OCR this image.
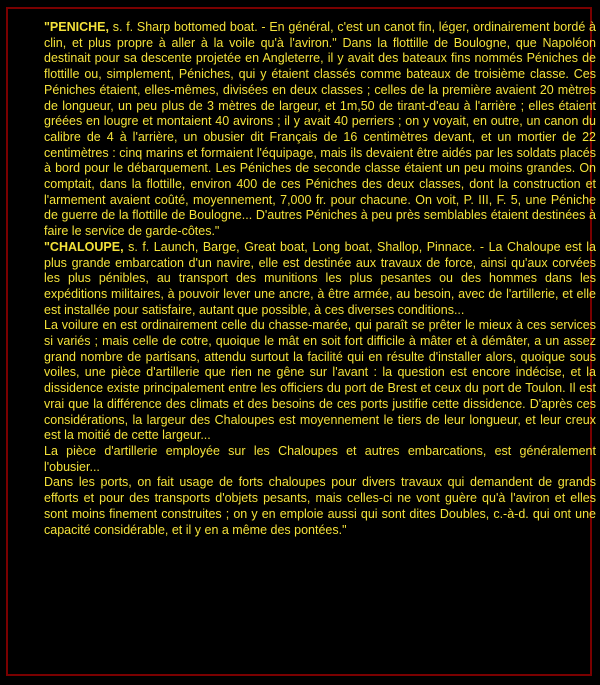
"PENICHE, s. f. Sharp bottomed boat. - En général, c'est un canot fin, léger, ordinairement bordé à clin, et plus propre à aller à la voile qu'à l'aviron." Dans la flottille de Boulogne, que Napoléon destinait pour sa descente projetée en Angleterre, il y avait des bateaux fins nommés Péniches de flottille ou, simplement, Péniches, qui y étaient classés comme bateaux de troisième classe. Ces Péniches étaient, elles-mêmes, divisées en deux classes ; celles de la première avaient 20 mètres de longueur, un peu plus de 3 mètres de largeur, et 1m,50 de tirant-d'eau à l'arrière ; elles étaient gréées en lougre et montaient 40 avirons ; il y avait 40 perriers ; on y voyait, en outre, un canon du calibre de 4 à l'arrière, un obusier dit Français de 16 centimètres devant, et un mortier de 22 centimètres : cinq marins et formaient l'équipage, mais ils devaient être aidés par les soldats placés à bord pour le débarquement. Les Péniches de seconde classe étaient un peu moins grandes. On comptait, dans la flottille, environ 400 de ces Péniches des deux classes, dont la construction et l'armement avaient coûté, moyennement, 7,000 fr. pour chacune. On voit, P. III, F. 5, une Péniche de guerre de la flottille de Boulogne... D'autres Péniches à peu près semblables étaient destinées à faire le service de garde-côtes."

"CHALOUPE, s. f. Launch, Barge, Great boat, Long boat, Shallop, Pinnace. - La Chaloupe est la plus grande embarcation d'un navire, elle est destinée aux travaux de force, ainsi qu'aux corvées les plus pénibles, au transport des munitions les plus pesantes ou des hommes dans les expéditions militaires, à pouvoir lever une ancre, à être armée, au besoin, avec de l'artillerie, et elle est installée pour satisfaire, autant que possible, à ces diverses conditions...

La voilure en est ordinairement celle du chasse-marée, qui paraît se prêter le mieux à ces services si variés ; mais celle de cotre, quoique le mât en soit fort difficile à mâter et à démâter, a un assez grand nombre de partisans, attendu surtout la facilité qui en résulte d'installer alors, quoique sous voiles, une pièce d'artillerie que rien ne gêne sur l'avant : la question est encore indécise, et la dissidence existe principalement entre les officiers du port de Brest et ceux du port de Toulon. Il est vrai que la différence des climats et des besoins de ces ports justifie cette dissidence. D'après ces considérations, la largeur des Chaloupes est moyennement le tiers de leur longueur, et leur creux est la moitié de cette largeur...

La pièce d'artillerie employée sur les Chaloupes et autres embarcations, est généralement l'obusier...

Dans les ports, on fait usage de forts chaloupes pour divers travaux qui demandent de grands efforts et pour des transports d'objets pesants, mais celles-ci ne vont guère qu'à l'aviron et elles sont moins finement construites ; on y en emploie aussi qui sont dites Doubles, c.-à-d. qui ont une capacité considérable, et il y en a même des pontées."
